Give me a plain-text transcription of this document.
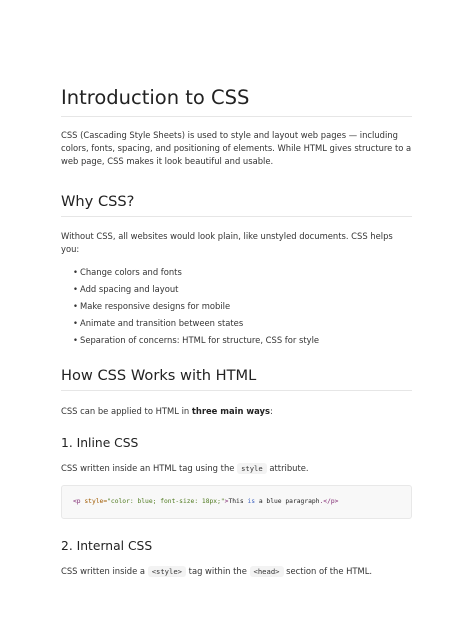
Introduction to CSS

CSS (Cascading Style Sheets) is used to style and layout web pages — including colors, fonts, spacing, and positioning of elements. While HTML gives structure to a web page, CSS makes it look beautiful and usable.

Why CSS?

Without CSS, all websites would look plain, like unstyled documents. CSS helps you:

• Change colors and fonts
• Add spacing and layout
• Make responsive designs for mobile
• Animate and transition between states
• Separation of concerns: HTML for structure, CSS for style
How CSS Works with HTML

CSS can be applied to HTML in three main ways:

1. Inline CSS

CSS written inside an HTML tag using the style attribute.

<p style="color: blue; font-size: 18px;">This is a blue paragraph.</p>
2. Internal CSS

CSS written inside a <style> tag within the <head> section of the HTML.
